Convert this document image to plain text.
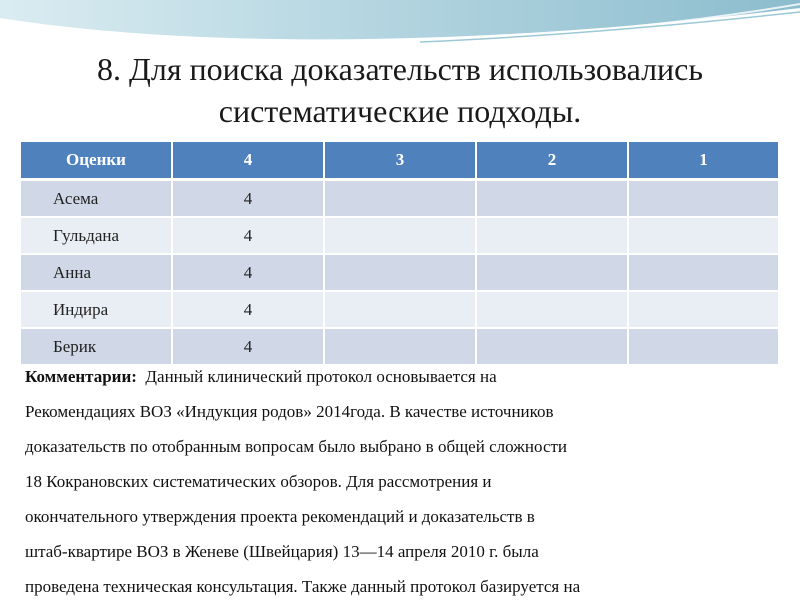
8. Для поиска доказательств использовались
систематические подходы.
Оценки	4	3	2	1
Асема	4			
Гульдана	4			
Анна	4			
Индира	4			
Берик	4			
Комментарии: Данный клинический протокол основывается на
Рекомендациях ВОЗ «Индукция родов» 2014года. В качестве источников
доказательств по отобранным вопросам было выбрано в общей сложности
18 Кокрановских систематических обзоров. Для рассмотрения и
окончательного утверждения проекта рекомендаций и доказательств в
штаб-квартире ВОЗ в Женеве (Швейцария) 13—14 апреля 2010 г. была
проведена техническая консультация. Также данный протокол базируется на
